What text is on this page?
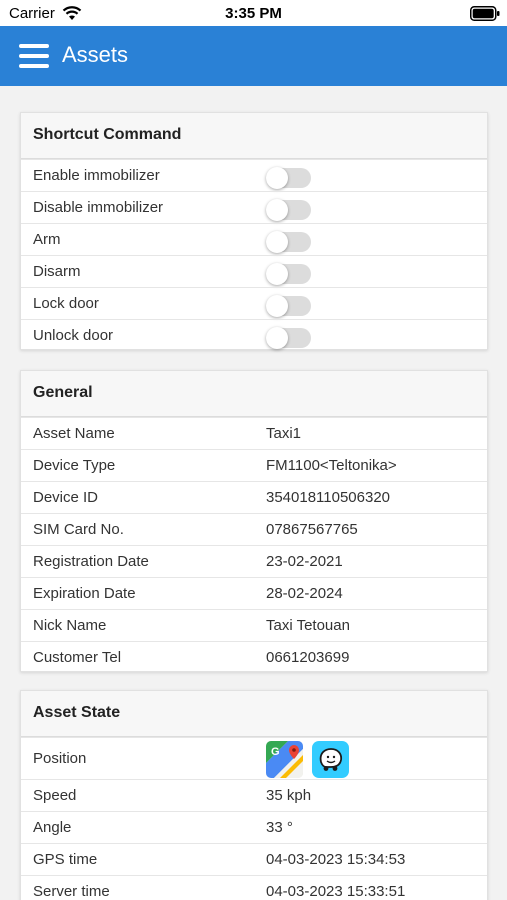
Carrier	3:35 PM
Assets
Shortcut Command
Enable immobilizer
Disable immobilizer
Arm
Disarm
Lock door
Unlock door
General
Asset Name	Taxi1
Device Type	FM1100<Teltonika>
Device ID	354018110506320
SIM Card No.	07867567765
Registration Date	23-02-2021
Expiration Date	28-02-2024
Nick Name	Taxi Tetouan
Customer Tel	0661203699
Asset State
Position	G
Speed	35 kph
Angle	33 °
GPS time	04-03-2023 15:34:53
Server time	04-03-2023 15:33:51
